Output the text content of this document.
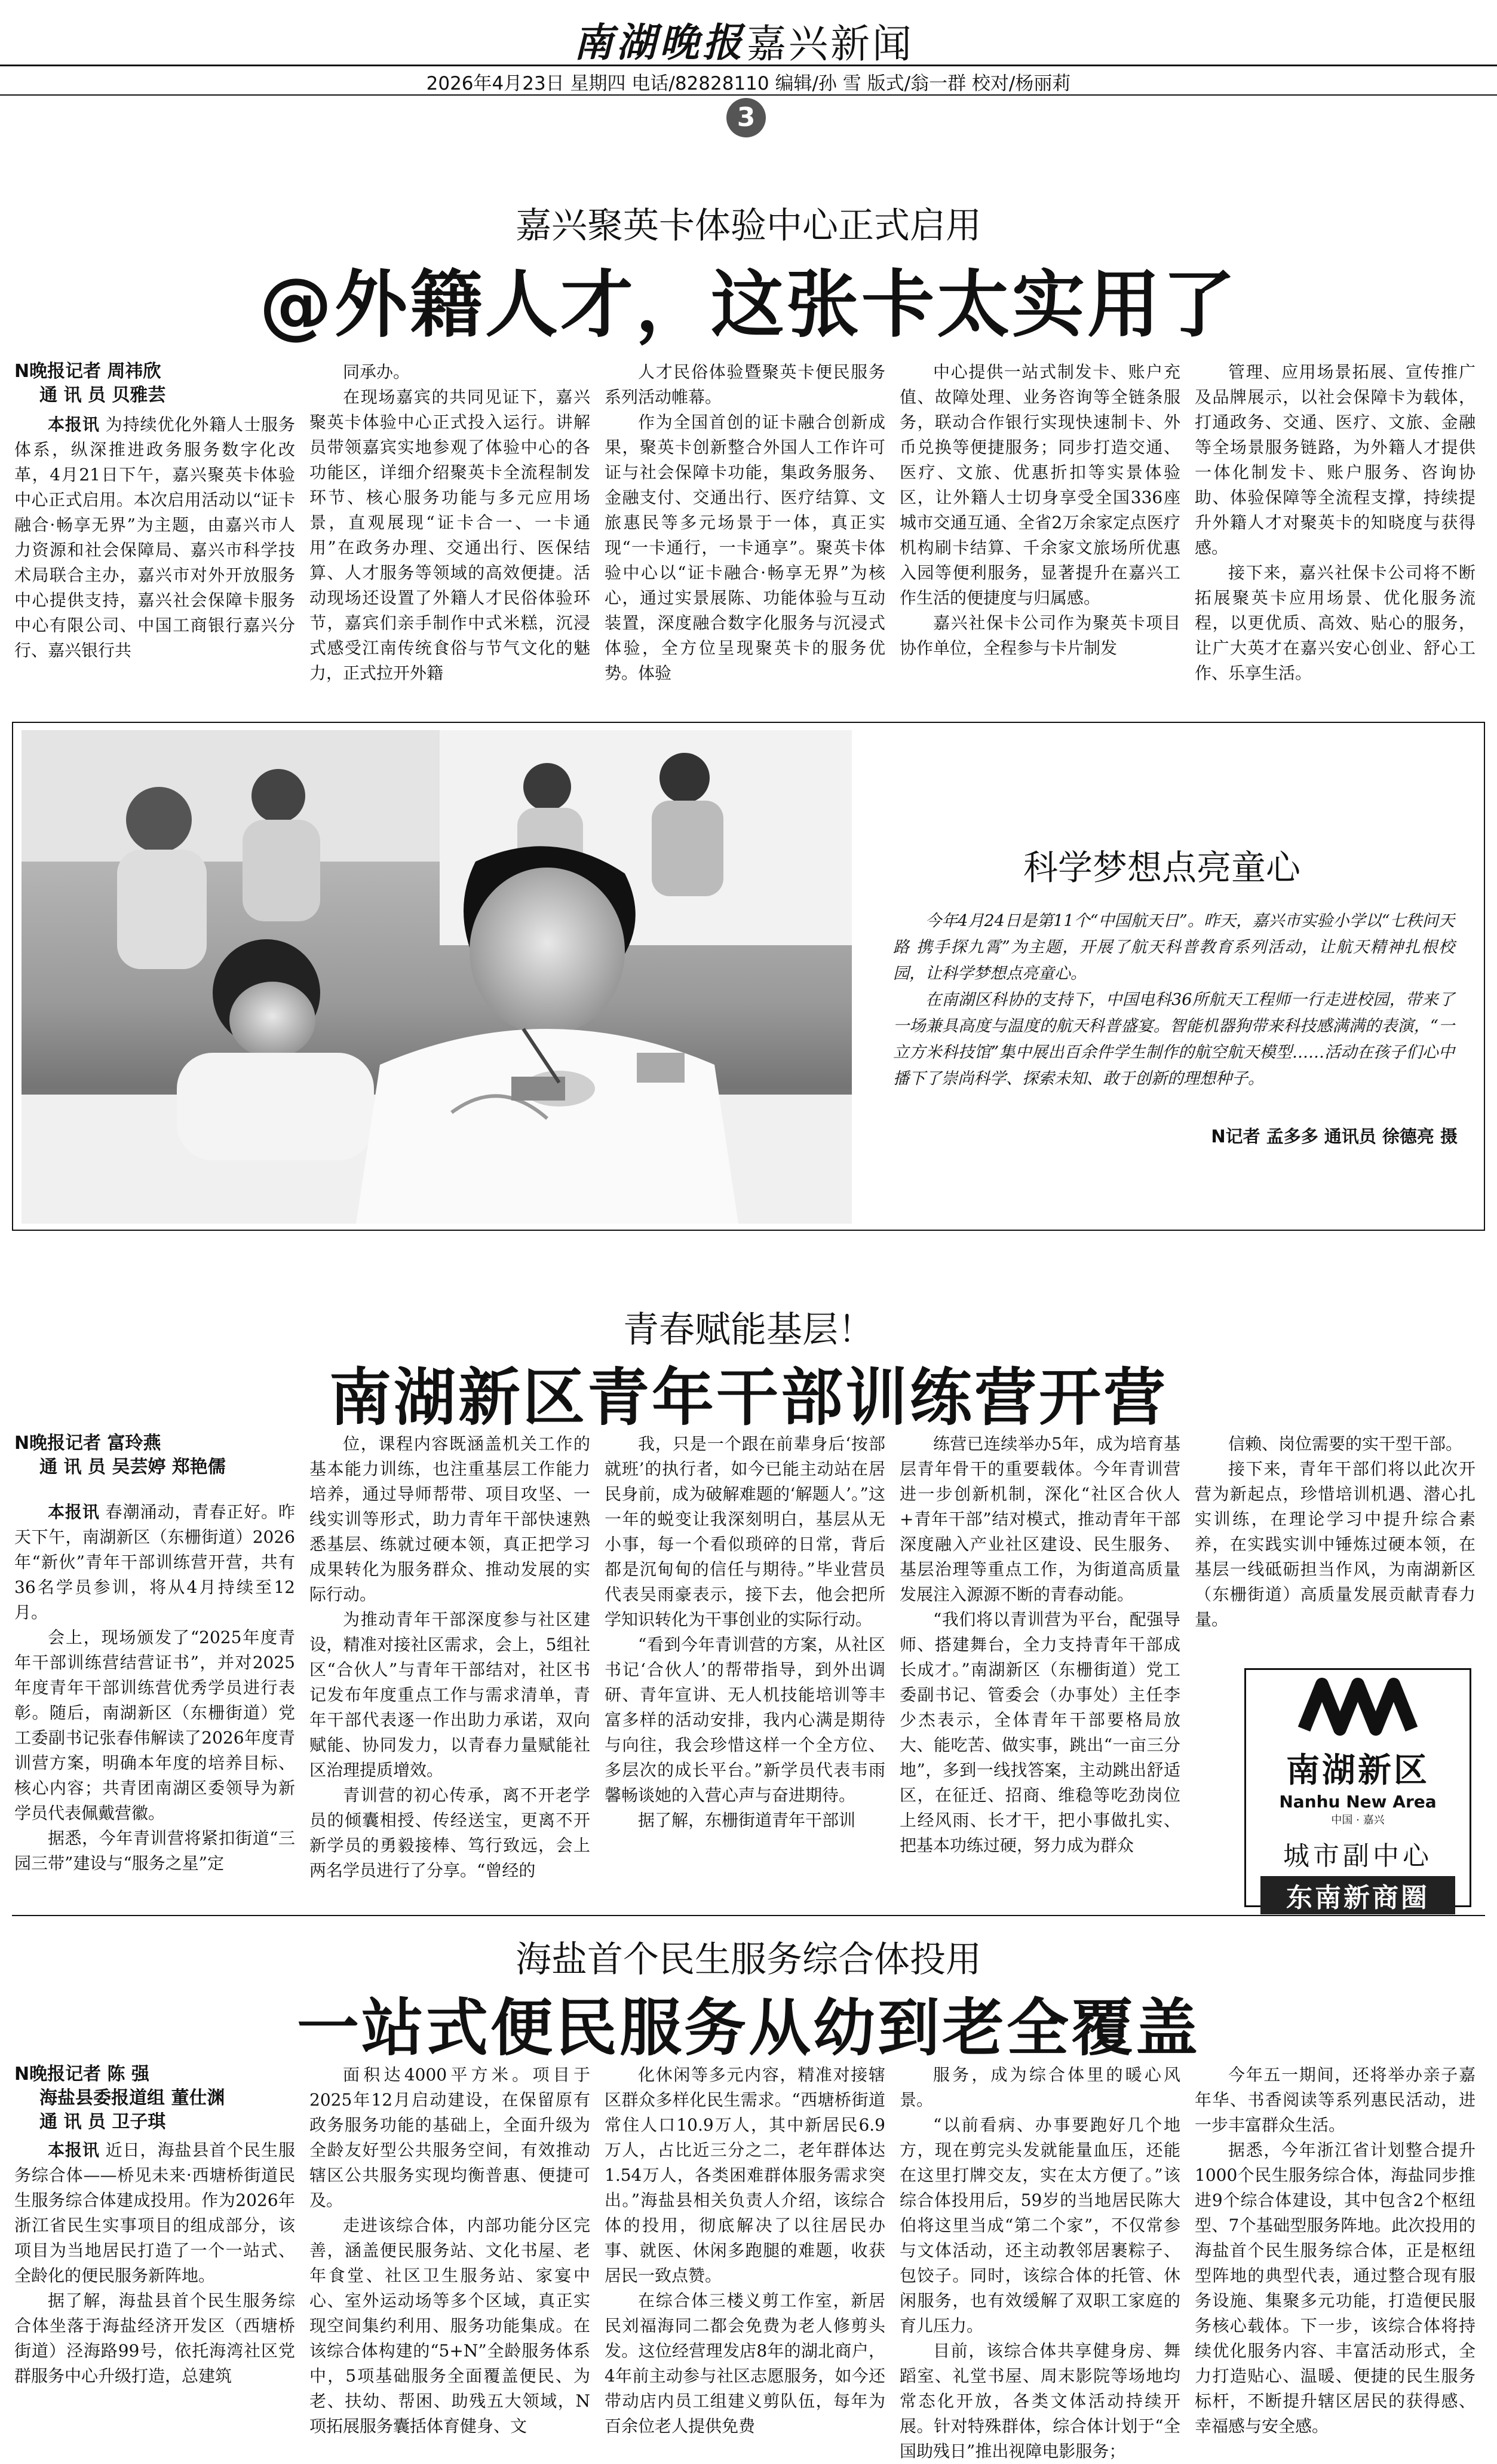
南湖晚报 嘉兴新闻
2026年4月23日 星期四 电话/82828110 编辑/孙 雪 版式/翁一群 校对/杨丽莉
3
嘉兴聚英卡体验中心正式启用
@外籍人才，这张卡太实用了
N晚报记者 周祎欣
通 讯 员 贝雅芸

本报讯 为持续优化外籍人士服务体系，纵深推进政务服务数字化改革，4月21日下午，嘉兴聚英卡体验中心正式启用。本次启用活动以“证卡融合·畅享无界”为主题，由嘉兴市人力资源和社会保障局、嘉兴市科学技术局联合主办，嘉兴市对外开放服务中心提供支持，嘉兴社会保障卡服务中心有限公司、中国工商银行嘉兴分行、嘉兴银行共

同承办。

在现场嘉宾的共同见证下，嘉兴聚英卡体验中心正式投入运行。讲解员带领嘉宾实地参观了体验中心的各功能区，详细介绍聚英卡全流程制发环节、核心服务功能与多元应用场景，直观展现“证卡合一、一卡通用”在政务办理、交通出行、医保结算、人才服务等领域的高效便捷。活动现场还设置了外籍人才民俗体验环节，嘉宾们亲手制作中式米糕，沉浸式感受江南传统食俗与节气文化的魅力，正式拉开外籍

人才民俗体验暨聚英卡便民服务系列活动帷幕。

作为全国首创的证卡融合创新成果，聚英卡创新整合外国人工作许可证与社会保障卡功能，集政务服务、金融支付、交通出行、医疗结算、文旅惠民等多元场景于一体，真正实现“一卡通行，一卡通享”。聚英卡体验中心以“证卡融合·畅享无界”为核心，通过实景展陈、功能体验与互动装置，深度融合数字化服务与沉浸式体验，全方位呈现聚英卡的服务优势。体验

中心提供一站式制发卡、账户充值、故障处理、业务咨询等全链条服务，联动合作银行实现快速制卡、外币兑换等便捷服务；同步打造交通、医疗、文旅、优惠折扣等实景体验区，让外籍人士切身享受全国336座城市交通互通、全省2万余家定点医疗机构刷卡结算、千余家文旅场所优惠入园等便利服务，显著提升在嘉兴工作生活的便捷度与归属感。

嘉兴社保卡公司作为聚英卡项目协作单位，全程参与卡片制发

管理、应用场景拓展、宣传推广及品牌展示，以社会保障卡为载体，打通政务、交通、医疗、文旅、金融等全场景服务链路，为外籍人才提供一体化制发卡、账户服务、咨询协助、体验保障等全流程支撑，持续提升外籍人才对聚英卡的知晓度与获得感。

接下来，嘉兴社保卡公司将不断拓展聚英卡应用场景、优化服务流程，以更优质、高效、贴心的服务，让广大英才在嘉兴安心创业、舒心工作、乐享生活。

科学梦想点亮童心

今年4月24日是第11个“中国航天日”。昨天，嘉兴市实验小学以“七秩问天路 携手探九霄”为主题，开展了航天科普教育系列活动，让航天精神扎根校园，让科学梦想点亮童心。

在南湖区科协的支持下，中国电科36所航天工程师一行走进校园，带来了一场兼具高度与温度的航天科普盛宴。智能机器狗带来科技感满满的表演，“一立方米科技馆”集中展出百余件学生制作的航空航天模型……活动在孩子们心中播下了崇尚科学、探索未知、敢于创新的理想种子。

N记者 孟多多 通讯员 徐德亮 摄
青春赋能基层！
南湖新区青年干部训练营开营
N晚报记者 富玲燕
通 讯 员 吴芸婷 郑艳儒

本报讯 春潮涌动，青春正好。昨天下午，南湖新区（东栅街道）2026年“新伙”青年干部训练营开营，共有36名学员参训，将从4月持续至12月。

会上，现场颁发了“2025年度青年干部训练营结营证书”，并对2025年度青年干部训练营优秀学员进行表彰。随后，南湖新区（东栅街道）党工委副书记张春伟解读了2026年度青训营方案，明确本年度的培养目标、核心内容；共青团南湖区委领导为新学员代表佩戴营徽。

据悉，今年青训营将紧扣街道“三园三带”建设与“服务之星”定

位，课程内容既涵盖机关工作的基本能力训练，也注重基层工作能力培养，通过导师帮带、项目攻坚、一线实训等形式，助力青年干部快速熟悉基层、练就过硬本领，真正把学习成果转化为服务群众、推动发展的实际行动。

为推动青年干部深度参与社区建设，精准对接社区需求，会上，5组社区“合伙人”与青年干部结对，社区书记发布年度重点工作与需求清单，青年干部代表逐一作出助力承诺，双向赋能、协同发力，以青春力量赋能社区治理提质增效。

青训营的初心传承，离不开老学员的倾囊相授、传经送宝，更离不开新学员的勇毅接棒、笃行致远，会上两名学员进行了分享。“曾经的

我，只是一个跟在前辈身后‘按部就班’的执行者，如今已能主动站在居民身前，成为破解难题的‘解题人’。”这一年的蜕变让我深刻明白，基层从无小事，每一个看似琐碎的日常，背后都是沉甸甸的信任与期待。”毕业营员代表吴雨豪表示，接下去，他会把所学知识转化为干事创业的实际行动。

“看到今年青训营的方案，从社区书记‘合伙人’的帮带指导，到外出调研、青年宣讲、无人机技能培训等丰富多样的活动安排，我内心满是期待与向往，我会珍惜这样一个全方位、多层次的成长平台。”新学员代表韦雨馨畅谈她的入营心声与奋进期待。

据了解，东栅街道青年干部训

练营已连续举办5年，成为培育基层青年骨干的重要载体。今年青训营进一步创新机制，深化“社区合伙人+青年干部”结对模式，推动青年干部深度融入产业社区建设、民生服务、基层治理等重点工作，为街道高质量发展注入源源不断的青春动能。

“我们将以青训营为平台，配强导师、搭建舞台，全力支持青年干部成长成才。”南湖新区（东栅街道）党工委副书记、管委会（办事处）主任李少杰表示，全体青年干部要格局放大、能吃苦、做实事，跳出“一亩三分地”，多到一线找答案，主动跳出舒适区，在征迁、招商、维稳等吃劲岗位上经风雨、长才干，把小事做扎实、把基本功练过硬，努力成为群众

信赖、岗位需要的实干型干部。

接下来，青年干部们将以此次开营为新起点，珍惜培训机遇、潜心扎实训练，在理论学习中提升综合素养，在实践实训中锤炼过硬本领，在基层一线砥砺担当作风，为南湖新区（东栅街道）高质量发展贡献青春力量。

南湖新区
Nanhu New Area
中国 · 嘉兴
城市副中心
东南新商圈
海盐首个民生服务综合体投用
一站式便民服务从幼到老全覆盖
N晚报记者 陈 强
海盐县委报道组 董仕渊
通 讯 员 卫子琪

本报讯 近日，海盐县首个民生服务综合体——桥见未来·西塘桥街道民生服务综合体建成投用。作为2026年浙江省民生实事项目的组成部分，该项目为当地居民打造了一个一站式、全龄化的便民服务新阵地。

据了解，海盐县首个民生服务综合体坐落于海盐经济开发区（西塘桥街道）泾海路99号，依托海湾社区党群服务中心升级打造，总建筑

面积达4000平方米。项目于2025年12月启动建设，在保留原有政务服务功能的基础上，全面升级为全龄友好型公共服务空间，有效推动辖区公共服务实现均衡普惠、便捷可及。

走进该综合体，内部功能分区完善，涵盖便民服务站、文化书屋、老年食堂、社区卫生服务站、家宴中心、室外运动场等多个区域，真正实现空间集约利用、服务功能集成。在该综合体构建的“5+N”全龄服务体系中，5项基础服务全面覆盖便民、为老、扶幼、帮困、助残五大领域，N项拓展服务囊括体育健身、文

化休闲等多元内容，精准对接辖区群众多样化民生需求。“西塘桥街道常住人口10.9万人，其中新居民6.9万人，占比近三分之二，老年群体达1.54万人，各类困难群体服务需求突出。”海盐县相关负责人介绍，该综合体的投用，彻底解决了以往居民办事、就医、休闲多跑腿的难题，收获居民一致点赞。

在综合体三楼义剪工作室，新居民刘福海同二都会免费为老人修剪头发。这位经营理发店8年的湖北商户，4年前主动参与社区志愿服务，如今还带动店内员工组建义剪队伍，每年为百余位老人提供免费

服务，成为综合体里的暖心风景。

“以前看病、办事要跑好几个地方，现在剪完头发就能量血压，还能在这里打牌交友，实在太方便了。”该综合体投用后，59岁的当地居民陈大伯将这里当成“第二个家”，不仅常参与文体活动，还主动教邻居裹粽子、包饺子。同时，该综合体的托管、休闲服务，也有效缓解了双职工家庭的育儿压力。

目前，该综合体共享健身房、舞蹈室、礼堂书屋、周末影院等场地均常态化开放，各类文体活动持续开展。针对特殊群体，综合体计划于“全国助残日”推出视障电影服务；

今年五一期间，还将举办亲子嘉年华、书香阅读等系列惠民活动，进一步丰富群众生活。

据悉，今年浙江省计划整合提升1000个民生服务综合体，海盐同步推进9个综合体建设，其中包含2个枢纽型、7个基础型服务阵地。此次投用的海盐首个民生服务综合体，正是枢纽型阵地的典型代表，通过整合现有服务设施、集聚多元功能，打造便民服务核心载体。下一步，该综合体将持续优化服务内容、丰富活动形式，全力打造贴心、温暖、便捷的民生服务标杆，不断提升辖区居民的获得感、幸福感与安全感。
